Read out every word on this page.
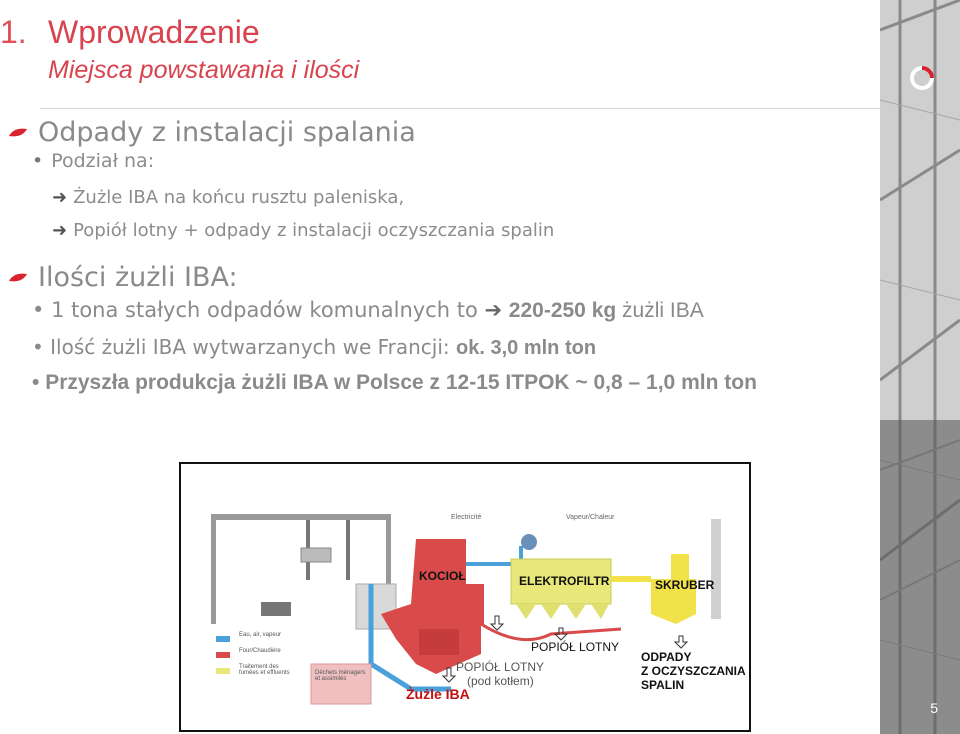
1. Wprowadzenie
Miejsca powstawania i ilości
Odpady z instalacji spalania
• Podział na:
➜ Żużle IBA na końcu rusztu paleniska,
➜ Popiół lotny + odpady z instalacji oczyszczania spalin
Ilości żużli IBA:
• 1 tona stałych odpadów komunalnych to ➔ 220-250 kg żużli IBA
• Ilość żużli IBA wytwarzanych we Francji: ok. 3,0 mln ton
• Przyszła produkcja żużli IBA w Polsce z 12-15 ITPOK ~ 0,8 – 1,0 mln ton
Electricité	Vapeur/Chaleur
KOCIOŁ	ELEKTROFILTR	SKRUBER
POPIÓŁ LOTNY
POPIÓŁ LOTNY
(pod kotłem)
ODPADY
Z OCZYSZCZANIA
SPALIN
Żużle IBA
Eau, air, vapeur
Four/Chaudière
Traitement des fumées et effluents	Déchets ménagers et assimilés
5
